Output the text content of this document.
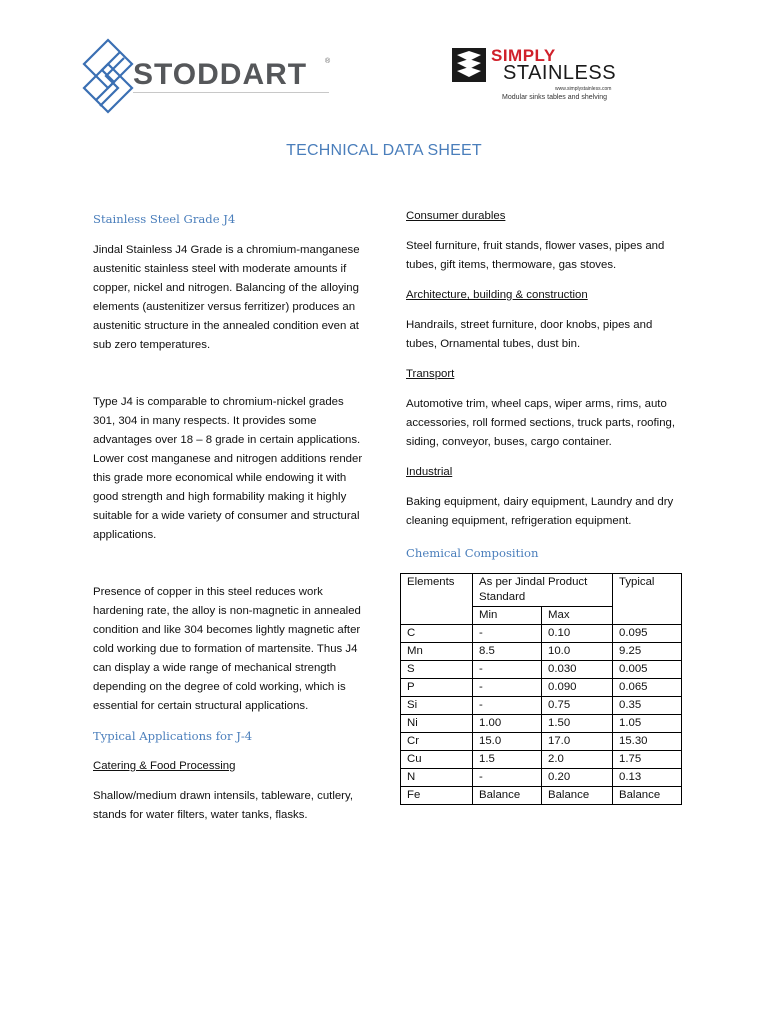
STODDART	®	SIMPLY
STAINLESS
www.simplystainless.com
Modular sinks tables and shelving
TECHNICAL DATA SHEET
Stainless Steel Grade J4

Jindal Stainless J4 Grade is a chromium-manganese austenitic stainless steel with moderate amounts if copper, nickel and nitrogen. Balancing of the alloying elements (austenitizer versus ferritizer) produces an austenitic structure in the annealed condition even at sub zero temperatures.

Type J4 is comparable to chromium-nickel grades 301, 304 in many respects. It provides some advantages over 18 – 8 grade in certain applications. Lower cost manganese and nitrogen additions render this grade more economical while endowing it with good strength and high formability making it highly suitable for a wide variety of consumer and structural applications.

Presence of copper in this steel reduces work hardening rate, the alloy is non-magnetic in annealed condition and like 304 becomes lightly magnetic after cold working due to formation of martensite. Thus J4 can display a wide range of mechanical strength depending on the degree of cold working, which is essential for certain structural applications.

Typical Applications for J-4
Catering & Food Processing

Shallow/medium drawn intensils, tableware, cutlery, stands for water filters, water tanks, flasks.

Consumer durables

Steel furniture, fruit stands, flower vases, pipes and tubes, gift items, thermoware, gas stoves.

Architecture, building & construction

Handrails, street furniture, door knobs, pipes and tubes, Ornamental tubes, dust bin.

Transport

Automotive trim, wheel caps, wiper arms, rims, auto accessories, roll formed sections, truck parts, roofing, siding, conveyor, buses, cargo container.

Industrial

Baking equipment, dairy equipment, Laundry and dry cleaning equipment, refrigeration equipment.

Chemical Composition
Elements	As per Jindal Product Standard		Typical
	Min	Max	
C	-	0.10	0.095
Mn	8.5	10.0	9.25
S	-	0.030	0.005
P	-	0.090	0.065
Si	-	0.75	0.35
Ni	1.00	1.50	1.05
Cr	15.0	17.0	15.30
Cu	1.5	2.0	1.75
N	-	0.20	0.13
Fe	Balance	Balance	Balance
